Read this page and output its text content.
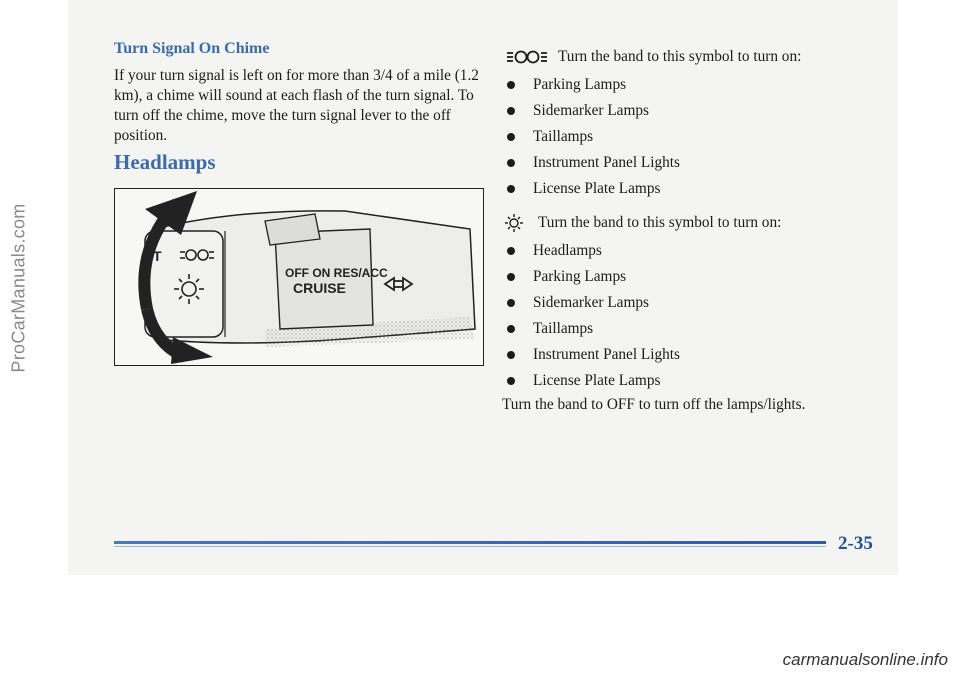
ProCarManuals.com
Turn Signal On Chime
If your turn signal is left on for more than 3/4 of a mile (1.2 km), a chime will sound at each flash of the turn signal. To turn off the chime, move the turn signal lever to the off position.
Headlamps
T
OFF ON RES/ACC
CRUISE
Turn the band to this symbol to turn on:
Parking Lamps
Sidemarker Lamps
Taillamps
Instrument Panel Lights
License Plate Lamps
Turn the band to this symbol to turn on:
Headlamps
Parking Lamps
Sidemarker Lamps
Taillamps
Instrument Panel Lights
License Plate Lamps
Turn the band to OFF to turn off the lamps/lights.
2-35
carmanualsonline.info
